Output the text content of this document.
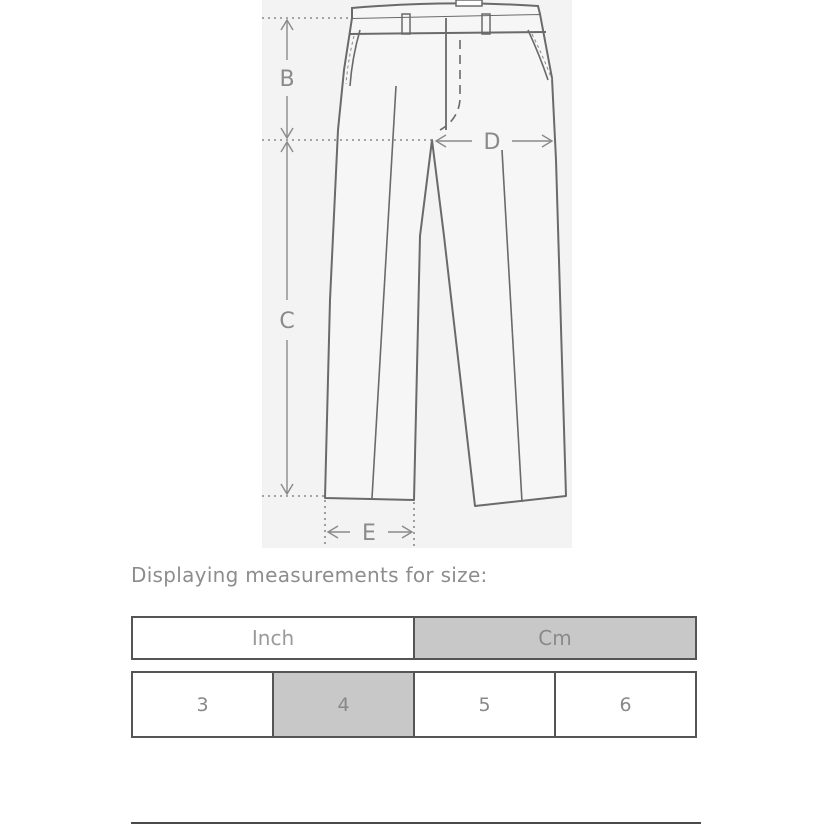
B
C
D
E
Displaying measurements for size:
Inch	Cm
3	4	5	6
